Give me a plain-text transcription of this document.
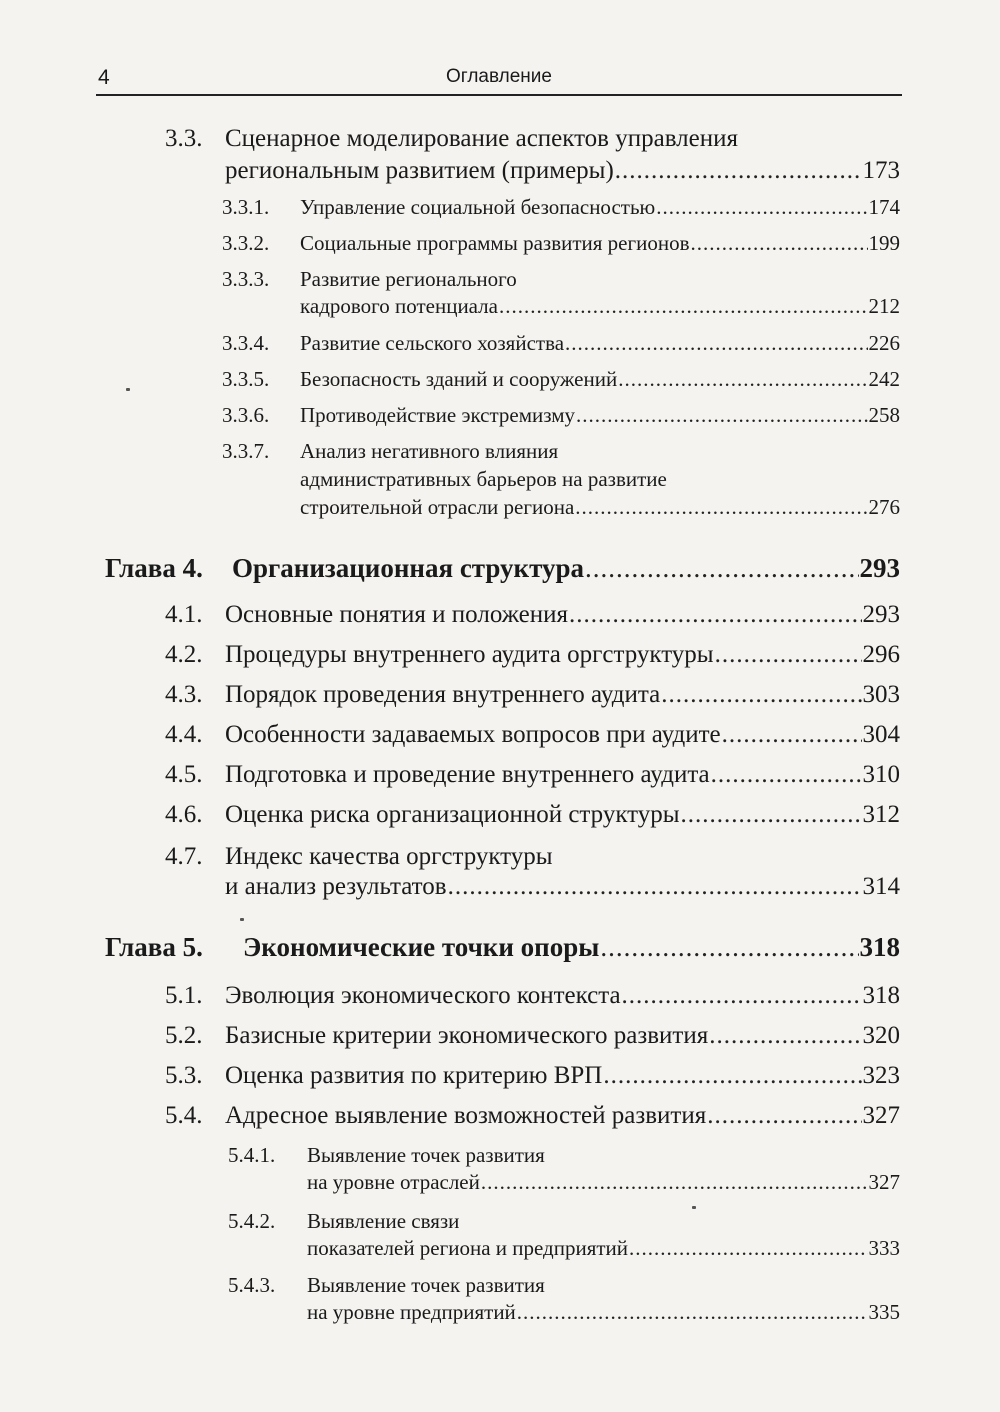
4	Оглавление
3.3. Сценарное моделирование аспектов управления
региональным развитием (примеры) .....	173
3.3.1. Управление социальной безопасностью .....	174
3.3.2. Социальные программы развития регионов .....	199
3.3.3. Развитие регионального
кадрового потенциала .....	212
3.3.4. Развитие сельского хозяйства .....	226
3.3.5. Безопасность зданий и сооружений .....	242
3.3.6. Противодействие экстремизму .....	258
3.3.7. Анализ негативного влияния
административных барьеров на развитие
строительной отрасли региона .....	276
Глава 4. Организационная структура .....	293
4.1. Основные понятия и положения .....	293
4.2. Процедуры внутреннего аудита оргструктуры .....	296
4.3. Порядок проведения внутреннего аудита .....	303
4.4. Особенности задаваемых вопросов при аудите .....	304
4.5. Подготовка и проведение внутреннего аудита .....	310
4.6. Оценка риска организационной структуры .....	312
4.7. Индекс качества оргструктуры
и анализ результатов .....	314
Глава 5. Экономические точки опоры .....	318
5.1. Эволюция экономического контекста .....	318
5.2. Базисные критерии экономического развития .....	320
5.3. Оценка развития по критерию ВРП .....	323
5.4. Адресное выявление возможностей развития .....	327
5.4.1. Выявление точек развития
на уровне отраслей .....	327
5.4.2. Выявление связи
показателей региона и предприятий .....	333
5.4.3. Выявление точек развития
на уровне предприятий .....	335
